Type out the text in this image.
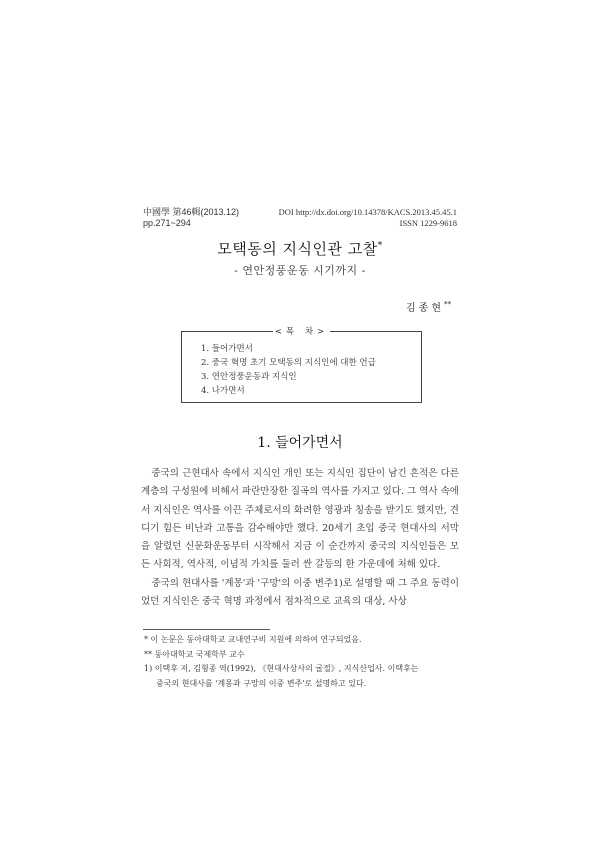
中國學 第46輯(2013.12)
pp.271~294
DOI http://dx.doi.org/10.14378/KACS.2013.45.45.1
ISSN 1229-9618
모택동의 지식인관 고찰*
- 연안정풍운동 시기까지 -
김종현**
<목 차>
1. 들어가면서
2. 중국 혁명 초기 모택동의 지식인에 대한 언급
3. 연안정풍운동과 지식인
4. 나가면서
1. 들어가면서

중국의 근현대사 속에서 지식인 개인 또는 지식인 집단이 남긴 흔적은 다른 계층의 구성원에 비해서 파란만장한 질곡의 역사를 가지고 있다. 그 역사 속에서 지식인은 역사를 이끈 주체로서의 화려한 영광과 칭송을 받기도 했지만, 견디기 힘든 비난과 고통을 감수해야만 했다. 20세기 초입 중국 현대사의 서막을 알렸던 신문화운동부터 시작해서 지금 이 순간까지 중국의 지식인들은 모든 사회적, 역사적, 이념적 가치를 둘러 싼 갈등의 한 가운데에 처해 있다.

중국의 현대사를 '계몽'과 '구망'의 이중 변주1)로 설명할 때 그 주요 동력이었던 지식인은 중국 혁명 과정에서 점차적으로 교육의 대상, 사상

* 이 논문은 동아대학교 교내연구비 지원에 의하여 연구되었음.
** 동아대학교 국제학부 교수
1) 이택후 저, 김형종 역(1992), 《현대사상사의 굴절》, 지식산업사. 이택후는
중국의 현대사를 '계몽과 구망의 이중 변주'로 설명하고 있다.
